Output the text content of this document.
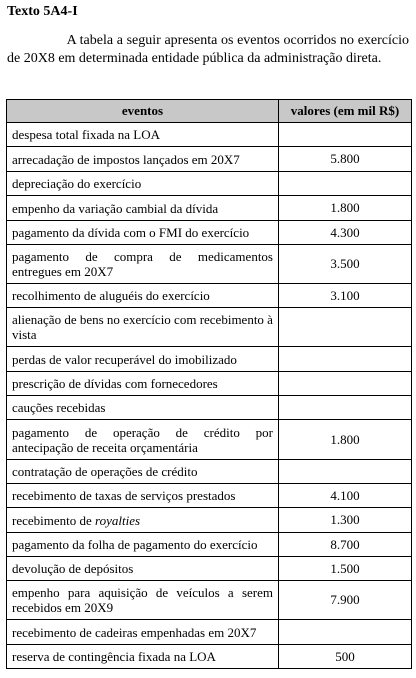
Texto 5A4-I

     A tabela a seguir apresenta os eventos ocorridos no exercício de 20X8 em determinada entidade pública da administração direta.

eventos	valores (em mil R$)
despesa total fixada na LOA	
arrecadação de impostos lançados em 20X7	5.800
depreciação do exercício	
empenho da variação cambial da dívida	1.800
pagamento da dívida com o FMI do exercício	4.300
pagamento de compra de medicamentos entregues em 20X7	3.500
recolhimento de aluguéis do exercício	3.100
alienação de bens no exercício com recebimento à vista	
perdas de valor recuperável do imobilizado	
prescrição de dívidas com fornecedores	
cauções recebidas	
pagamento de operação de crédito por antecipação de receita orçamentária	1.800
contratação de operações de crédito	
recebimento de taxas de serviços prestados	4.100
recebimento de royalties	1.300
pagamento da folha de pagamento do exercício	8.700
devolução de depósitos	1.500
empenho para aquisição de veículos a serem recebidos em 20X9	7.900
recebimento de cadeiras empenhadas em 20X7	
reserva de contingência fixada na LOA	500
